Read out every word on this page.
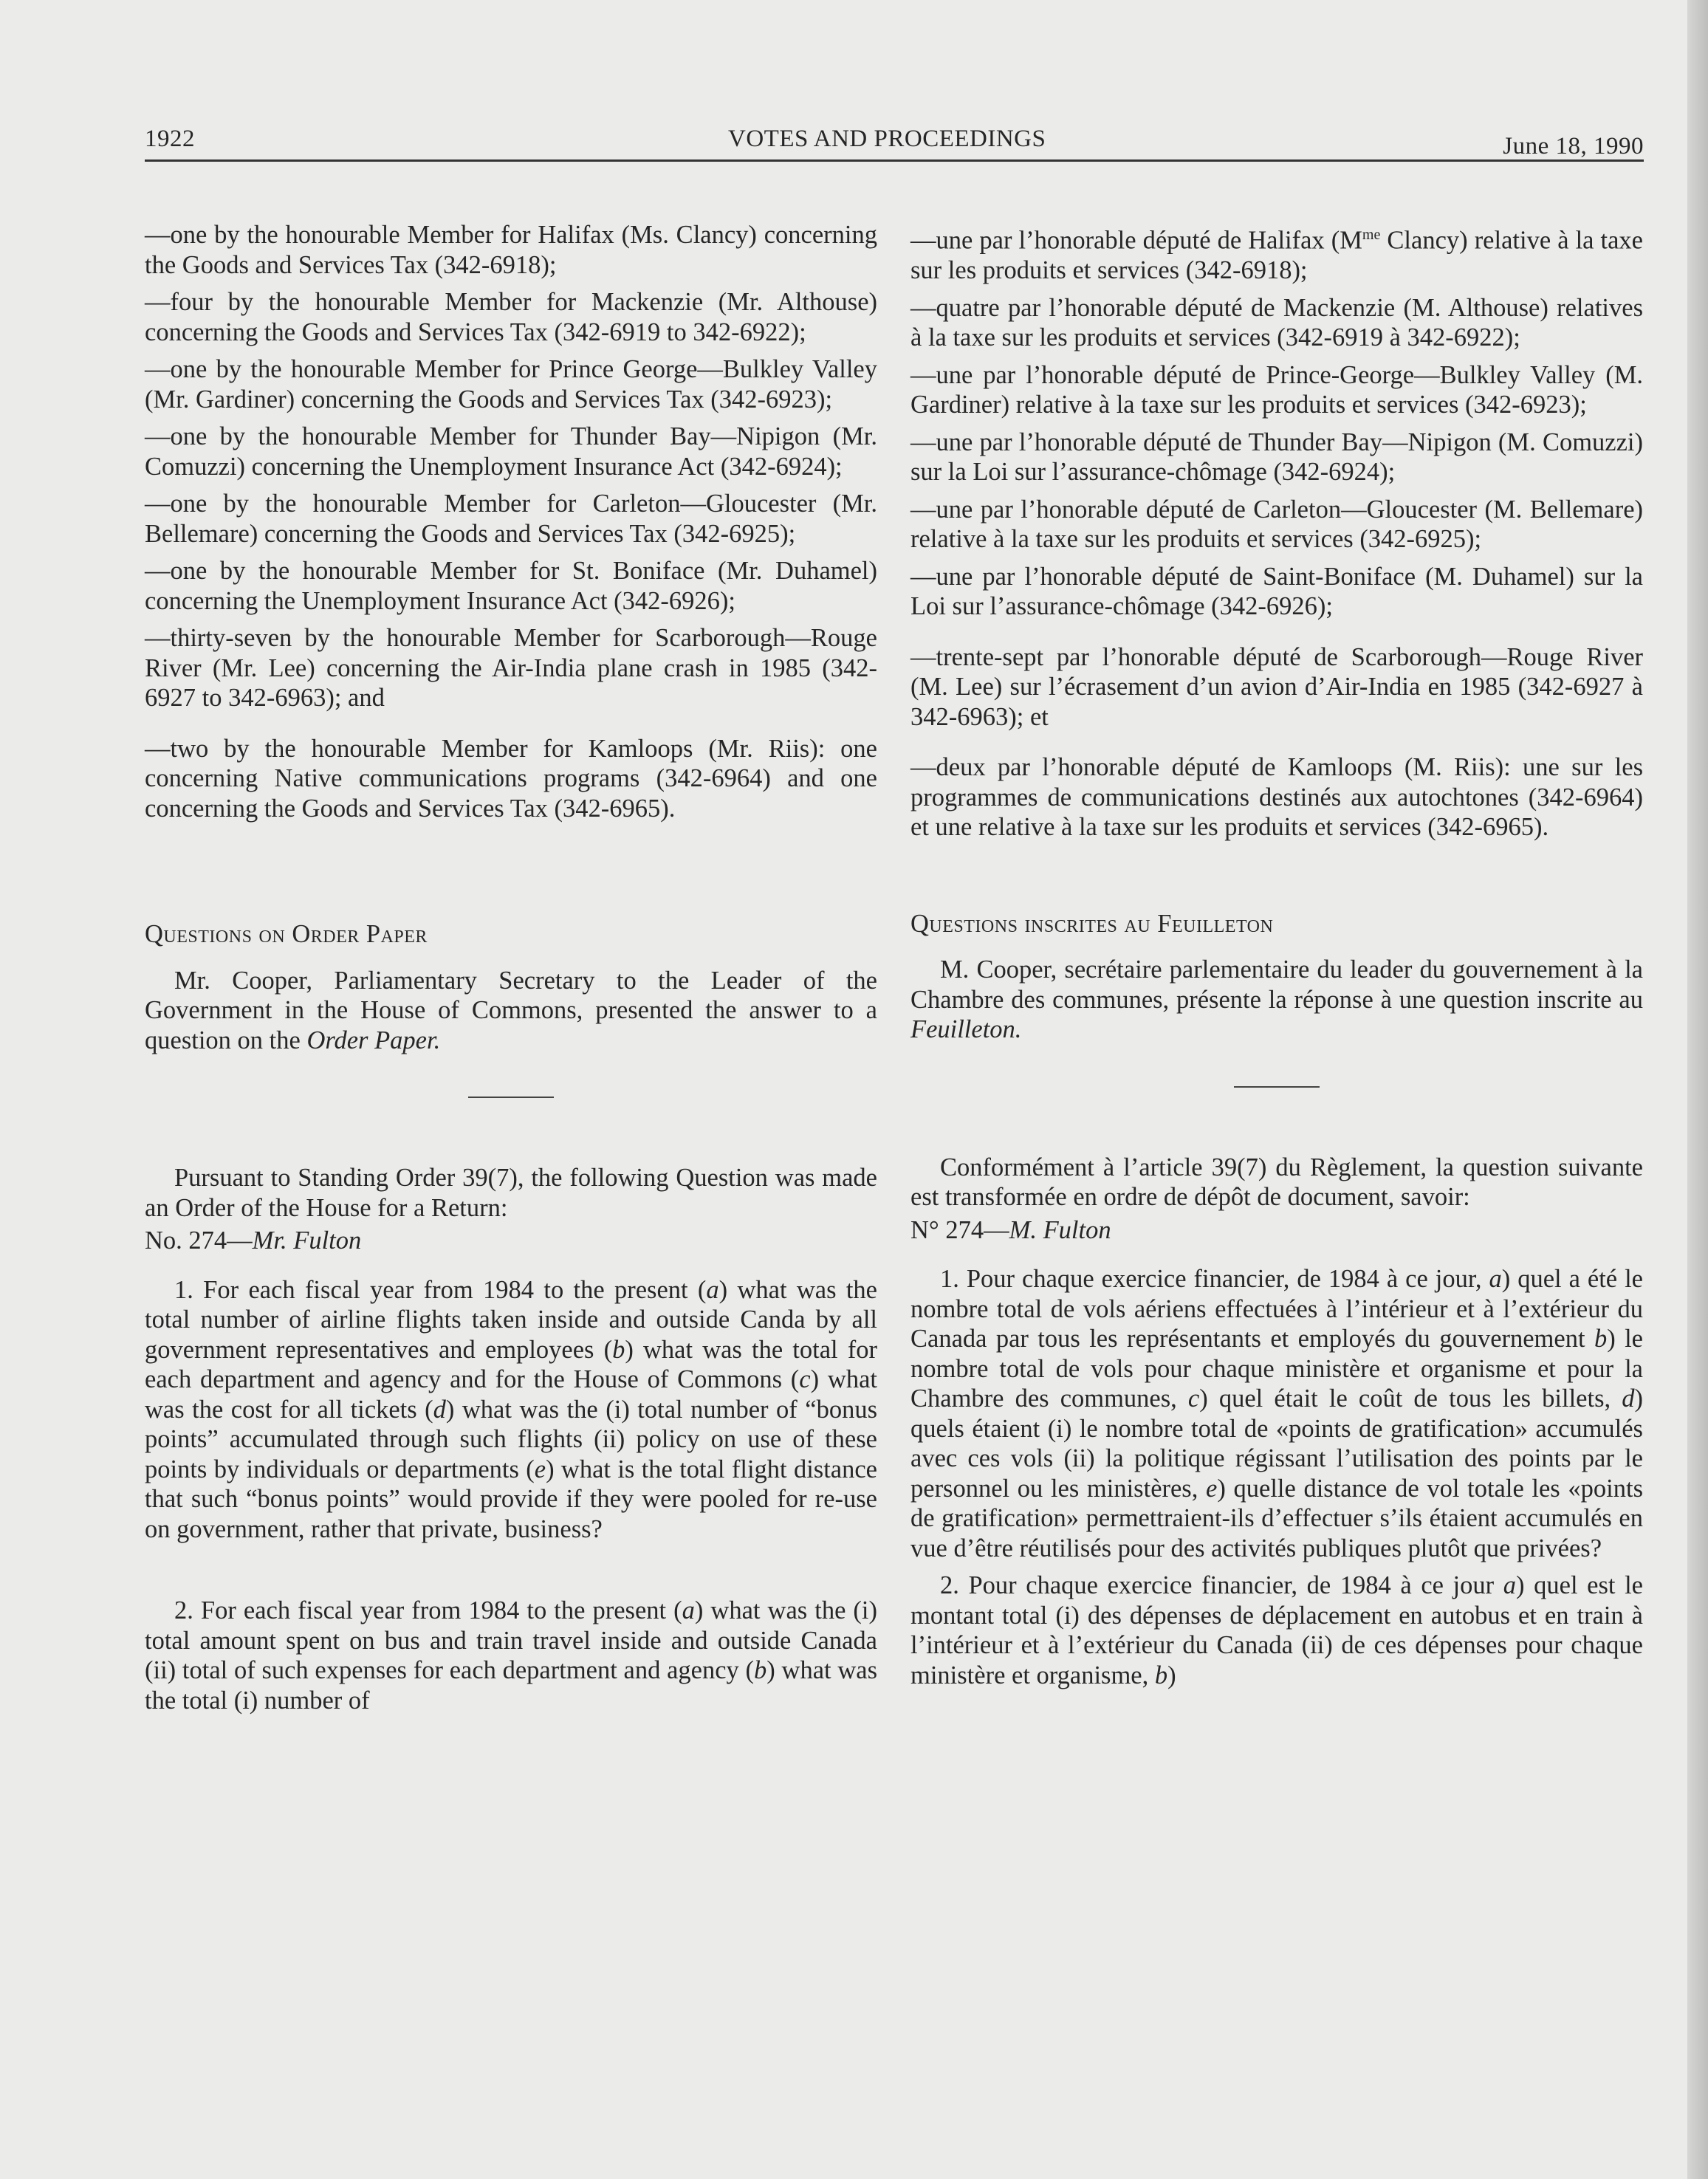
1922	VOTES AND PROCEEDINGS	June 18, 1990

—one by the honourable Member for Halifax (Ms. Clancy) concerning the Goods and Services Tax (342-6918);

—four by the honourable Member for Mackenzie (Mr. Althouse) concerning the Goods and Services Tax (342-6919 to 342-6922);

—one by the honourable Member for Prince George—Bulkley Valley (Mr. Gardiner) concerning the Goods and Services Tax (342-6923);

—one by the honourable Member for Thunder Bay—Nipigon (Mr. Comuzzi) concerning the Unemployment Insurance Act (342-6924);

—one by the honourable Member for Carleton—Gloucester (Mr. Bellemare) concerning the Goods and Services Tax (342-6925);

—one by the honourable Member for St. Boniface (Mr. Duhamel) concerning the Unemployment Insurance Act (342-6926);

—thirty-seven by the honourable Member for Scarborough—Rouge River (Mr. Lee) concerning the Air-India plane crash in 1985 (342-6927 to 342-6963); and

—two by the honourable Member for Kamloops (Mr. Riis): one concerning Native communications programs (342-6964) and one concerning the Goods and Services Tax (342-6965).

Questions on Order Paper

Mr. Cooper, Parliamentary Secretary to the Leader of the Government in the House of Commons, presented the answer to a question on the Order Paper.

Pursuant to Standing Order 39(7), the following Question was made an Order of the House for a Return:

No. 274—Mr. Fulton

1. For each fiscal year from 1984 to the present (a) what was the total number of airline flights taken inside and outside Canda by all government representatives and employees (b) what was the total for each department and agency and for the House of Commons (c) what was the cost for all tickets (d) what was the (i) total number of “bonus points” accumulated through such flights (ii) policy on use of these points by individuals or departments (e) what is the total flight distance that such “bonus points” would provide if they were pooled for re-use on government, rather that private, business?

2. For each fiscal year from 1984 to the present (a) what was the (i) total amount spent on bus and train travel inside and outside Canada (ii) total of such expenses for each department and agency (b) what was the total (i) number of

—une par l’honorable député de Halifax ($M^{me}$ Clancy) relative à la taxe sur les produits et services (342-6918);

—quatre par l’honorable député de Mackenzie (M. Althouse) relatives à la taxe sur les produits et services (342-6919 à 342-6922);

—une par l’honorable député de Prince-George—Bulkley Valley (M. Gardiner) relative à la taxe sur les produits et services (342-6923);

—une par l’honorable député de Thunder Bay—Nipigon (M. Comuzzi) sur la Loi sur l’assurance-chômage (342-6924);

—une par l’honorable député de Carleton—Gloucester (M. Bellemare) relative à la taxe sur les produits et services (342-6925);

—une par l’honorable député de Saint-Boniface (M. Duhamel) sur la Loi sur l’assurance-chômage (342-6926);

—trente-sept par l’honorable député de Scarborough—Rouge River (M. Lee) sur l’écrasement d’un avion d’Air-India en 1985 (342-6927 à 342-6963); et

—deux par l’honorable député de Kamloops (M. Riis): une sur les programmes de communications destinés aux autochtones (342-6964) et une relative à la taxe sur les produits et services (342-6965).

Questions inscrites au Feuilleton

M. Cooper, secrétaire parlementaire du leader du gouvernement à la Chambre des communes, présente la réponse à une question inscrite au Feuilleton.

Conformément à l’article 39(7) du Règlement, la question suivante est transformée en ordre de dépôt de document, savoir:

N° 274—M. Fulton

1. Pour chaque exercice financier, de 1984 à ce jour, a) quel a été le nombre total de vols aériens effectuées à l’intérieur et à l’extérieur du Canada par tous les représentants et employés du gouvernement b) le nombre total de vols pour chaque ministère et organisme et pour la Chambre des communes, c) quel était le coût de tous les billets, d) quels étaient (i) le nombre total de «points de gratification» accumulés avec ces vols (ii) la politique régissant l’utilisation des points par le personnel ou les ministères, e) quelle distance de vol totale les «points de gratification» permettraient-ils d’effectuer s’ils étaient accumulés en vue d’être réutilisés pour des activités publiques plutôt que privées?

2. Pour chaque exercice financier, de 1984 à ce jour a) quel est le montant total (i) des dépenses de déplacement en autobus et en train à l’intérieur et à l’extérieur du Canada (ii) de ces dépenses pour chaque ministère et organisme, b)
